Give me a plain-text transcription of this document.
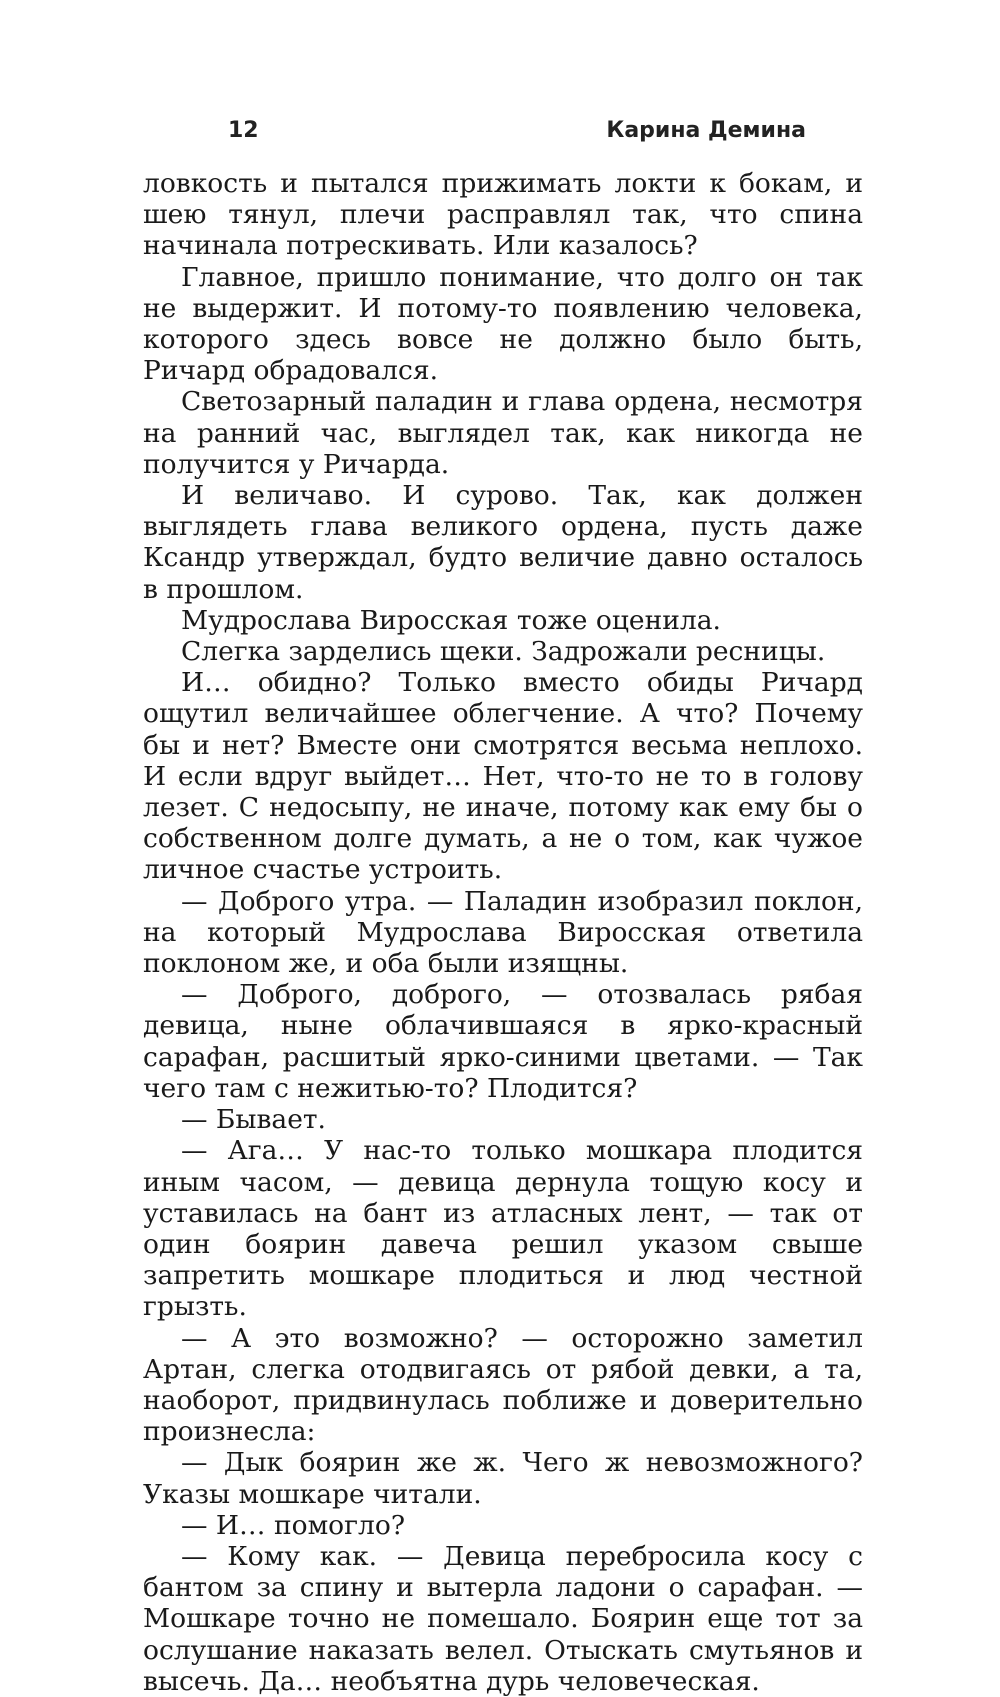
12	Карина Демина

ловкость и пытался прижимать локти к бокам, и шею тянул, плечи расправлял так, что спина начинала потрескивать. Или казалось?

Главное, пришло понимание, что долго он так не выдержит. И потому-то появлению человека, которого здесь вовсе не должно было быть, Ричард обрадовался.

Светозарный паладин и глава ордена, несмотря на ранний час, выглядел так, как никогда не получится у Ричарда.

И величаво. И сурово. Так, как должен выглядеть глава великого ордена, пусть даже Ксандр утверждал, будто величие давно осталось в прошлом.

Мудрослава Виросская тоже оценила.

Слегка зарделись щеки. Задрожали ресницы.

И… обидно? Только вместо обиды Ричард ощутил величайшее облегчение. А что? Почему бы и нет? Вместе они смотрятся весьма неплохо. И если вдруг выйдет… Нет, что-то не то в голову лезет. С недосыпу, не иначе, потому как ему бы о собственном долге думать, а не о том, как чужое личное счастье устроить.

— Доброго утра. — Паладин изобразил поклон, на который Мудрослава Виросская ответила поклоном же, и оба были изящны.

— Доброго, доброго, — отозвалась рябая девица, ныне облачившаяся в ярко-красный сарафан, расшитый ярко-синими цветами. — Так чего там с нежитью-то? Плодится?

— Бывает.

— Ага… У нас-то только мошкара плодится иным часом, — девица дернула тощую косу и уставилась на бант из атласных лент, — так от один боярин давеча решил указом свыше запретить мошкаре плодиться и люд честной грызть.

— А это возможно? — осторожно заметил Артан, слегка отодвигаясь от рябой девки, а та, наоборот, придвинулась поближе и доверительно произнесла:

— Дык боярин же ж. Чего ж невозможного? Указы мошкаре читали.

— И… помогло?

— Кому как. — Девица перебросила косу с бантом за спину и вытерла ладони о сарафан. — Мошкаре точно не помешало. Боярин еще тот за ослушание наказать велел. Отыскать смутьянов и высечь. Да… необъятна дурь человеческая.
